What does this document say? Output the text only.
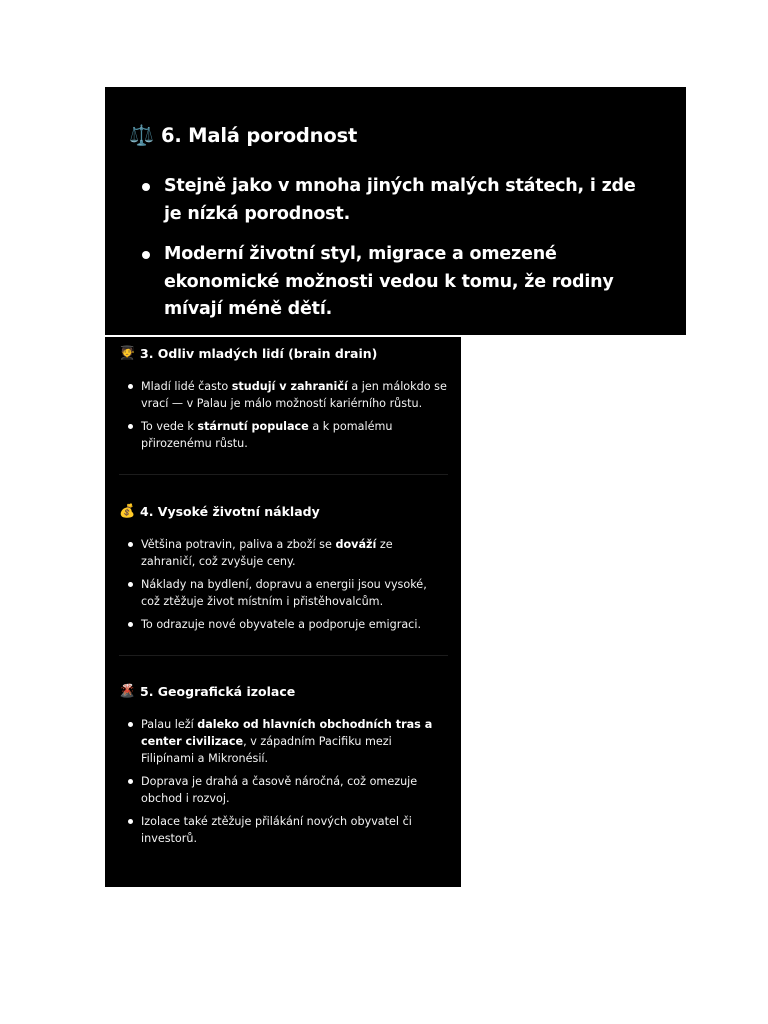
⚖️ 6. Malá porodnost
Stejně jako v mnoha jiných malých státech, i zde je nízká porodnost.
Moderní životní styl, migrace a omezené ekonomické možnosti vedou k tomu, že rodiny mívají méně dětí.
🧑‍🎓 3. Odliv mladých lidí (brain drain)
Mladí lidé často studují v zahraničí a jen málokdo se vrací — v Palau je málo možností kariérního růstu.
To vede k stárnutí populace a k pomalému přirozenému růstu.
💰 4. Vysoké životní náklady
Většina potravin, paliva a zboží se dováží ze zahraničí, což zvyšuje ceny.
Náklady na bydlení, dopravu a energii jsou vysoké, což ztěžuje život místním i přistěhovalcům.
To odrazuje nové obyvatele a podporuje emigraci.
🌋 5. Geografická izolace
Palau leží daleko od hlavních obchodních tras a center civilizace, v západním Pacifiku mezi Filipínami a Mikronésií.
Doprava je drahá a časově náročná, což omezuje obchod i rozvoj.
Izolace také ztěžuje přilákání nových obyvatel či investorů.
